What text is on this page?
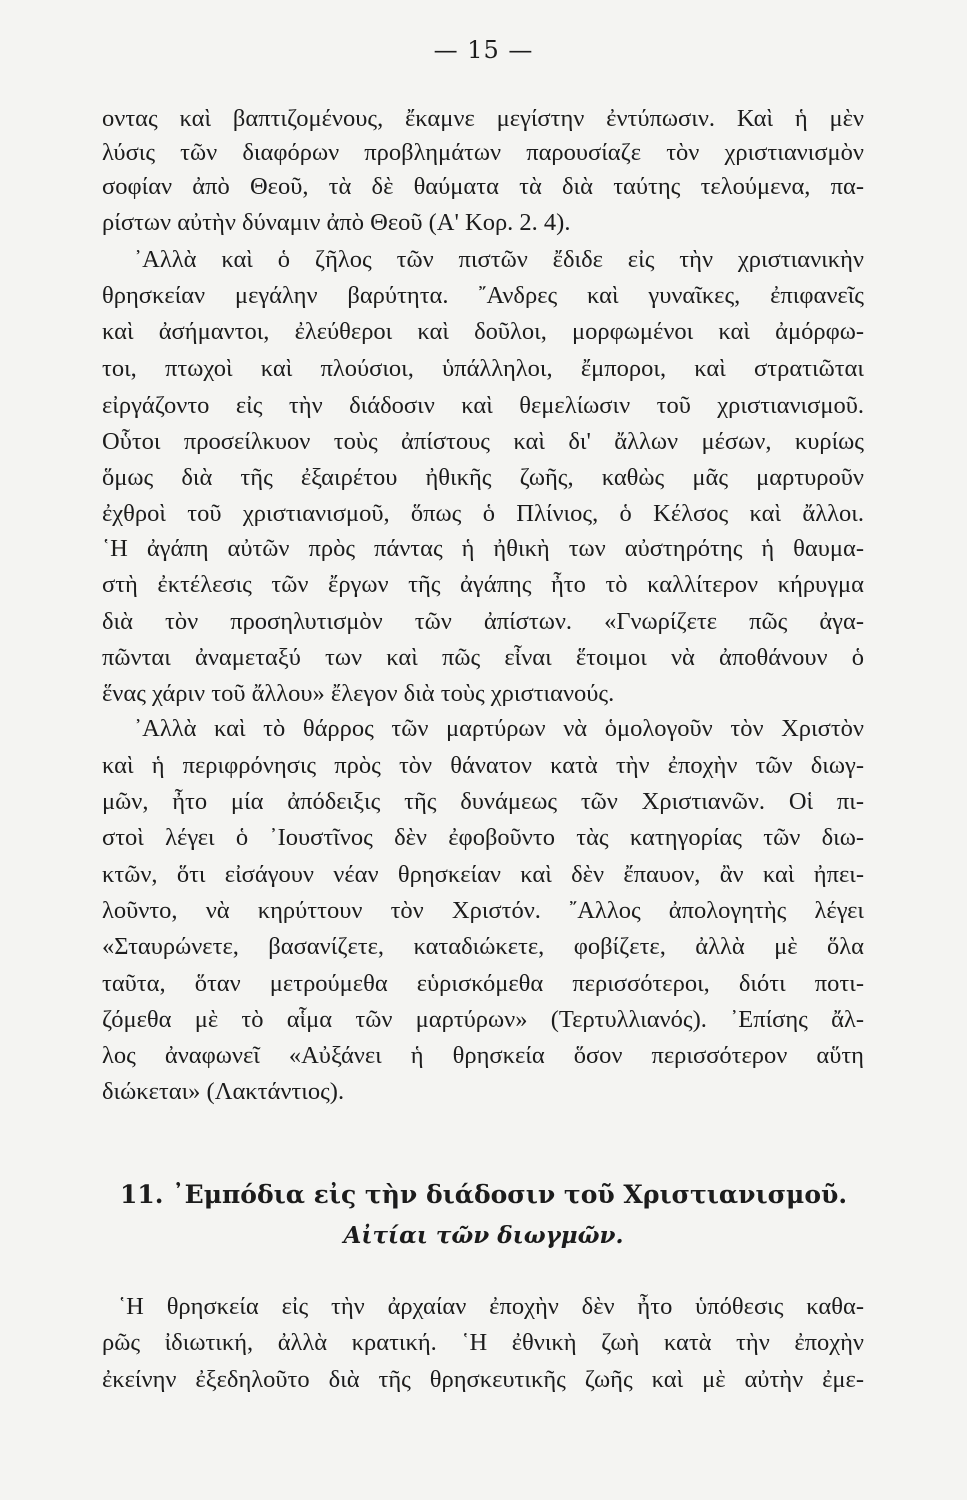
— 15 —
οντας καὶ βαπτιζομένους, ἔκαμνε μεγίστην ἐντύπωσιν. Καὶ ἡ μὲν
λύσις τῶν διαφόρων προβλημάτων παρουσίαζε τὸν χριστιανισμὸν
σοφίαν ἀπὸ Θεοῦ, τὰ δὲ θαύματα τὰ διὰ ταύτης τελούμενα, πα-
ρίστων αὐτὴν δύναμιν ἀπὸ Θεοῦ (Α' Κορ. 2. 4).
᾿Αλλὰ καὶ ὁ ζῆλος τῶν πιστῶν ἔδιδε εἰς τὴν χριστιανικὴν
θρησκείαν μεγάλην βαρύτητα. ῎Ανδρες καὶ γυναῖκες, ἐπιφανεῖς
καὶ ἀσήμαντοι, ἐλεύθεροι καὶ δοῦλοι, μορφωμένοι καὶ ἀμόρφω-
τοι, πτωχοὶ καὶ πλούσιοι, ὑπάλληλοι, ἔμποροι, καὶ στρατιῶται
εἰργάζοντο εἰς τὴν διάδοσιν καὶ θεμελίωσιν τοῦ χριστιανισμοῦ.
Οὗτοι προσείλκυον τοὺς ἀπίστους καὶ δι' ἄλλων μέσων, κυρίως
ὅμως διὰ τῆς ἐξαιρέτου ἠθικῆς ζωῆς, καθὼς μᾶς μαρτυροῦν
ἐχθροὶ τοῦ χριστιανισμοῦ, ὅπως ὁ Πλίνιος, ὁ Κέλσος καὶ ἄλλοι.
῾Η ἀγάπη αὐτῶν πρὸς πάντας ἡ ἠθικὴ των αὐστηρότης ἡ θαυμα-
στὴ ἐκτέλεσις τῶν ἔργων τῆς ἀγάπης ἦτο τὸ καλλίτερον κήρυγμα
διὰ τὸν προσηλυτισμὸν τῶν ἀπίστων. «Γνωρίζετε πῶς ἀγα-
πῶνται ἀναμεταξύ των καὶ πῶς εἶναι ἕτοιμοι νὰ ἀποθάνουν ὁ
ἕνας χάριν τοῦ ἄλλου» ἔλεγον διὰ τοὺς χριστιανούς.
᾿Αλλὰ καὶ τὸ θάρρος τῶν μαρτύρων νὰ ὁμολογοῦν τὸν Χριστὸν
καὶ ἡ περιφρόνησις πρὸς τὸν θάνατον κατὰ τὴν ἐποχὴν τῶν διωγ-
μῶν, ἦτο μία ἀπόδειξις τῆς δυνάμεως τῶν Χριστιανῶν. Οἱ πι-
στοὶ λέγει ὁ ᾿Ιουστῖνος δὲν ἐφοβοῦντο τὰς κατηγορίας τῶν διω-
κτῶν, ὅτι εἰσάγουν νέαν θρησκείαν καὶ δὲν ἔπαυον, ἂν καὶ ἠπει-
λοῦντο, νὰ κηρύττουν τὸν Χριστόν. ῎Αλλος ἀπολογητὴς λέγει
«Σταυρώνετε, βασανίζετε, καταδιώκετε, φοβίζετε, ἀλλὰ μὲ ὅλα
ταῦτα, ὅταν μετρούμεθα εὑρισκόμεθα περισσότεροι, διότι ποτι-
ζόμεθα μὲ τὸ αἷμα τῶν μαρτύρων» (Τερτυλλιανός). ᾿Επίσης ἄλ-
λος ἀναφωνεῖ «Αὐξάνει ἡ θρησκεία ὅσον περισσότερον αὕτη
διώκεται» (Λακτάντιος).
11. ᾿Εμπόδια εἰς τὴν διάδοσιν τοῦ Χριστιανισμοῦ.
Αἰτίαι τῶν διωγμῶν.
῾Η θρησκεία εἰς τὴν ἀρχαίαν ἐποχὴν δὲν ἦτο ὑπόθεσις καθα-
ρῶς ἰδιωτική, ἀλλὰ κρατική. ῾Η ἐθνικὴ ζωὴ κατὰ τὴν ἐποχὴν
ἐκείνην ἐξεδηλοῦτο διὰ τῆς θρησκευτικῆς ζωῆς καὶ μὲ αὐτὴν ἐμε-
